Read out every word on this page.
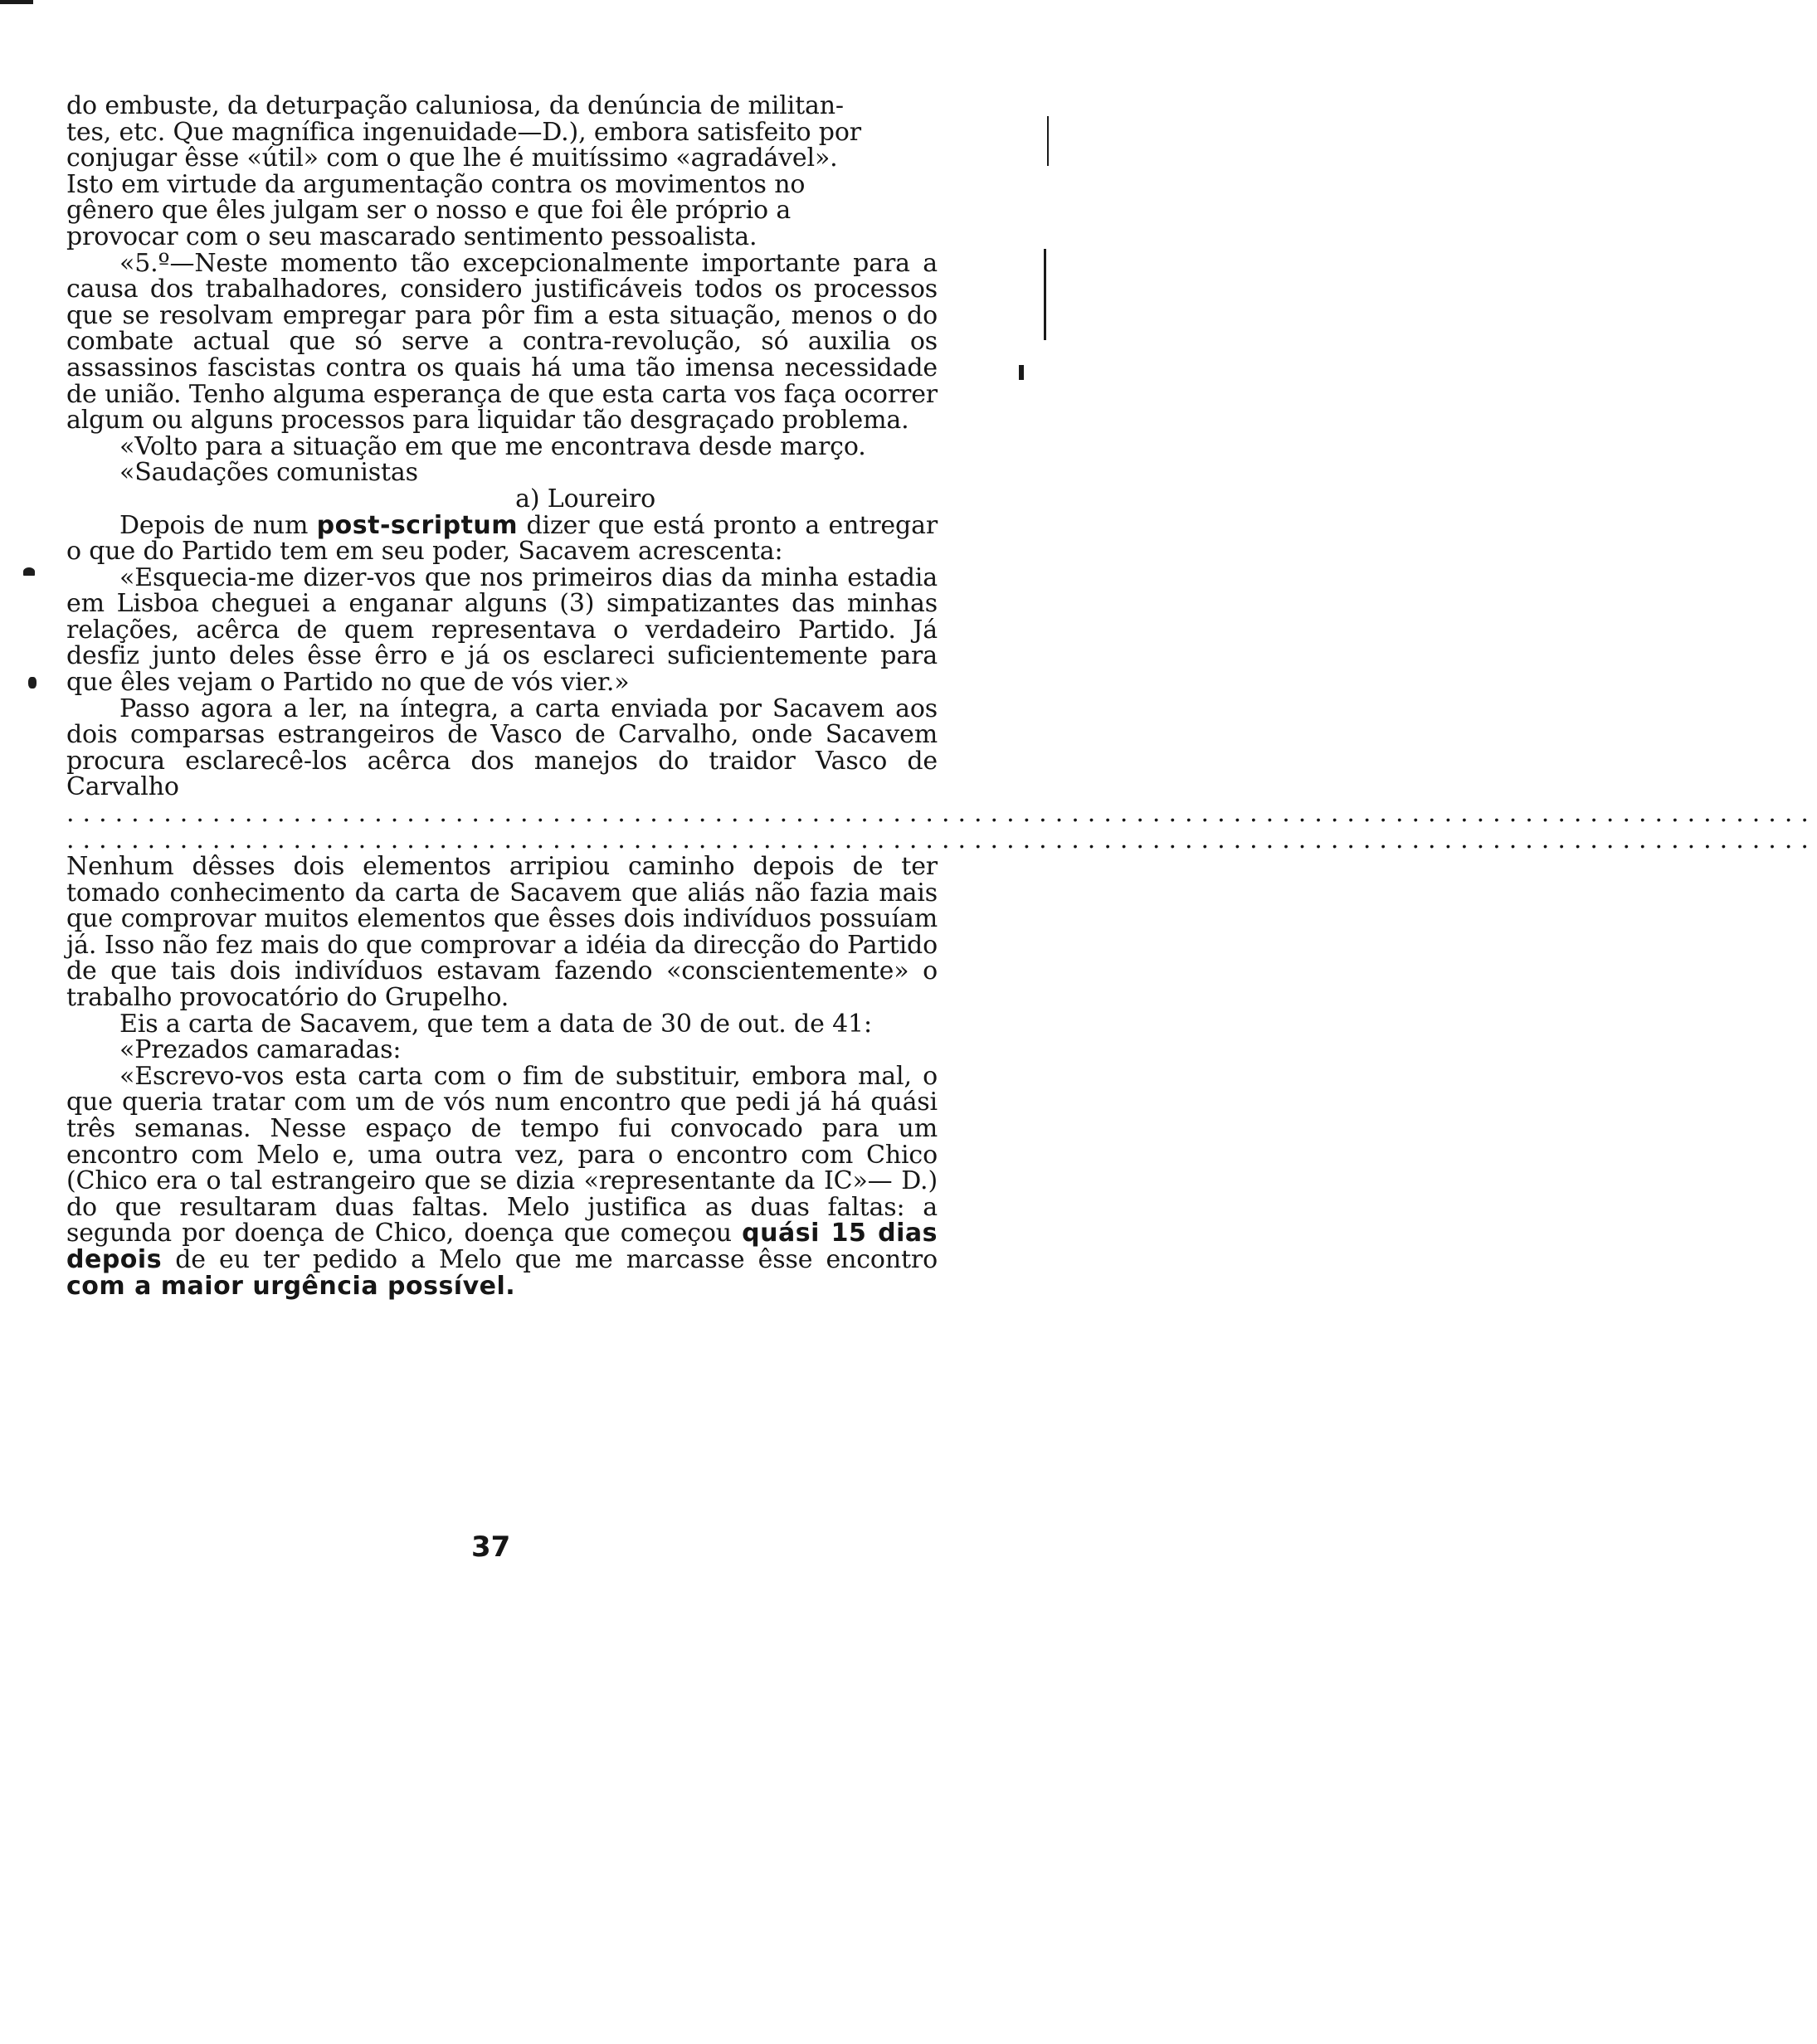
do embuste, da deturpação caluniosa, da denúncia de militan-
tes, etc. Que magnífica ingenuidade—D.), embora satisfeito por
conjugar êsse «útil» com o que lhe é muitíssimo «agradável».
Isto em virtude da argumentação contra os movimentos no
gênero que êles julgam ser o nosso e que foi êle próprio a
provocar com o seu mascarado sentimento pessoalista.

«5.º—Neste momento tão excepcionalmente importante para a causa dos trabalhadores, considero justificáveis todos os processos que se resolvam empregar para pôr fim a esta situação, menos o do combate actual que só serve a contra-revolução, só auxilia os assassinos fascistas contra os quais há uma tão imensa necessidade de união. Tenho alguma esperança de que esta carta vos faça ocorrer algum ou alguns processos para liquidar tão desgraçado problema.

«Volto para a situação em que me encontrava desde março.

«Saudações comunistas

a) Loureiro

Depois de num post-scriptum dizer que está pronto a entregar o que do Partido tem em seu poder, Sacavem acrescenta:

«Esquecia-me dizer-vos que nos primeiros dias da minha estadia em Lisboa cheguei a enganar alguns (3) simpatizantes das minhas relações, acêrca de quem representava o verdadeiro Partido. Já desfiz junto deles êsse êrro e já os esclareci suficientemente para que êles vejam o Partido no que de vós vier.»

Passo agora a ler, na íntegra, a carta enviada por Sacavem aos dois comparsas estrangeiros de Vasco de Carvalho, onde Sacavem procura esclarecê-los acêrca dos manejos do traidor Vasco de Carvalho

............................................................................................................
............................................................................................................

Nenhum dêsses dois elementos arripiou caminho depois de ter tomado conhecimento da carta de Sacavem que aliás não fazia mais que comprovar muitos elementos que êsses dois indivíduos possuíam já. Isso não fez mais do que comprovar a idéia da direcção do Partido de que tais dois indivíduos estavam fazendo «conscientemente» o trabalho provocatório do Grupelho.

Eis a carta de Sacavem, que tem a data de 30 de out. de 41:

«Prezados camaradas:

«Escrevo-vos esta carta com o fim de substituir, embora mal, o que queria tratar com um de vós num encontro que pedi já há quási três semanas. Nesse espaço de tempo fui convocado para um encontro com Melo e, uma outra vez, para o encontro com Chico (Chico era o tal estrangeiro que se dizia «representante da IC»— D.) do que resultaram duas faltas. Melo justifica as duas faltas: a segunda por doença de Chico, doença que começou quási 15 dias depois de eu ter pedido a Melo que me marcasse êsse encontro com a maior urgência possível.

37
